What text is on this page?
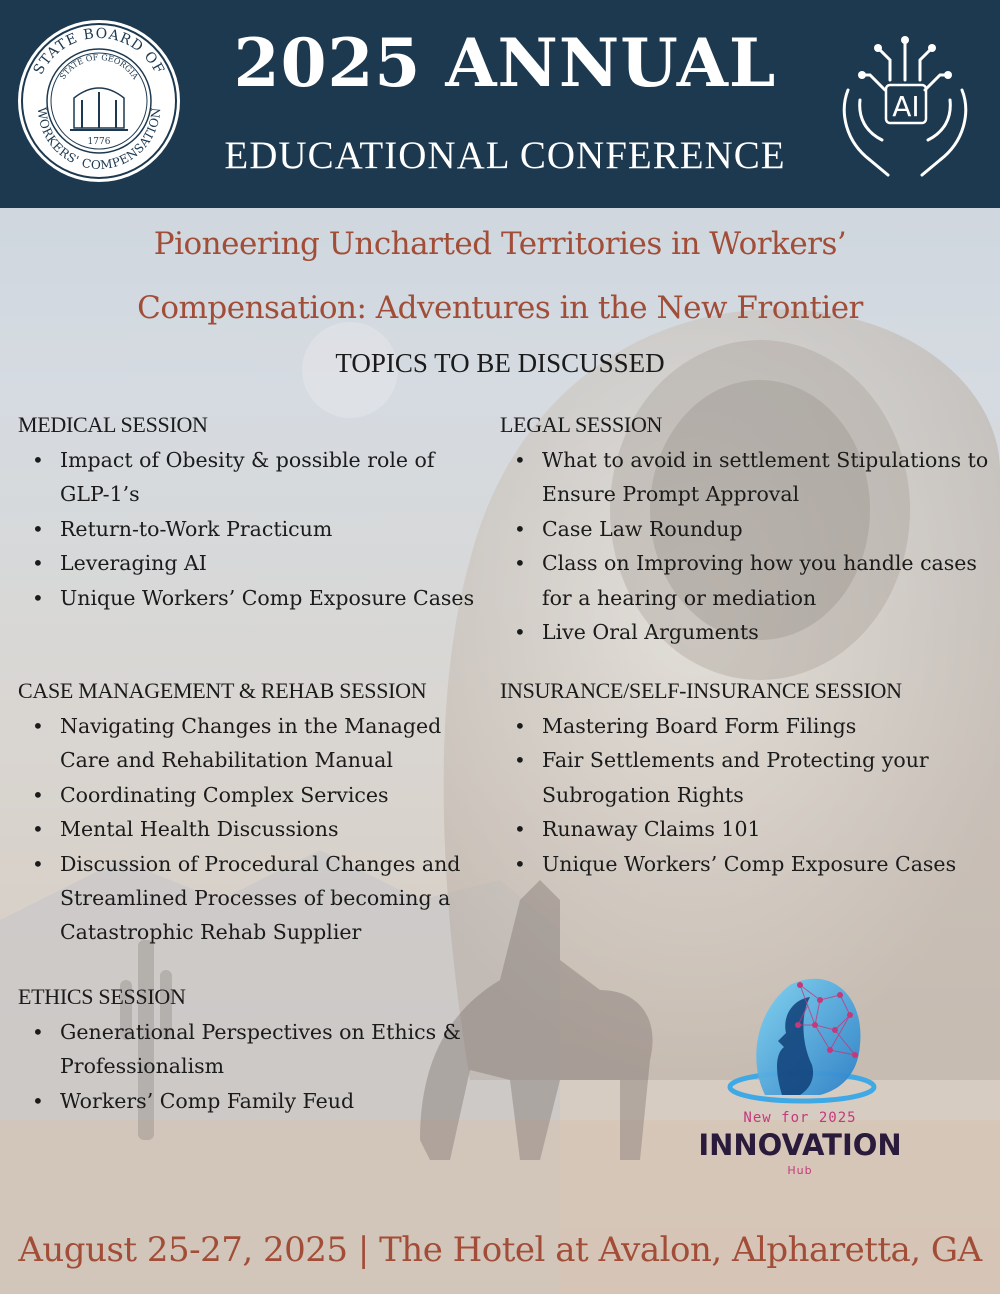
STATE BOARD OF
WORKERS' COMPENSATION
STATE OF GEORGIA
1776
2025 ANNUAL
EDUCATIONAL CONFERENCE
AI
Pioneering Uncharted Territories in Workers’
Compensation: Adventures in the New Frontier
TOPICS TO BE DISCUSSED
MEDICAL SESSION
• Impact of Obesity & possible role of GLP-1’s
• Return-to-Work Practicum
• Leveraging AI
• Unique Workers’ Comp Exposure Cases
LEGAL SESSION
• What to avoid in settlement Stipulations to Ensure Prompt Approval
• Case Law Roundup
• Class on Improving how you handle cases for a hearing or mediation
• Live Oral Arguments
CASE MANAGEMENT & REHAB SESSION
• Navigating Changes in the Managed Care and Rehabilitation Manual
• Coordinating Complex Services
• Mental Health Discussions
• Discussion of Procedural Changes and Streamlined Processes of becoming a Catastrophic Rehab Supplier
INSURANCE/SELF-INSURANCE SESSION
• Mastering Board Form Filings
• Fair Settlements and Protecting your Subrogation Rights
• Runaway Claims 101
• Unique Workers’ Comp Exposure Cases
ETHICS SESSION
• Generational Perspectives on Ethics & Professionalism
• Workers’ Comp Family Feud
New for 2025
INNOVATION
Hub
August 25-27, 2025 | The Hotel at Avalon, Alpharetta, GA
